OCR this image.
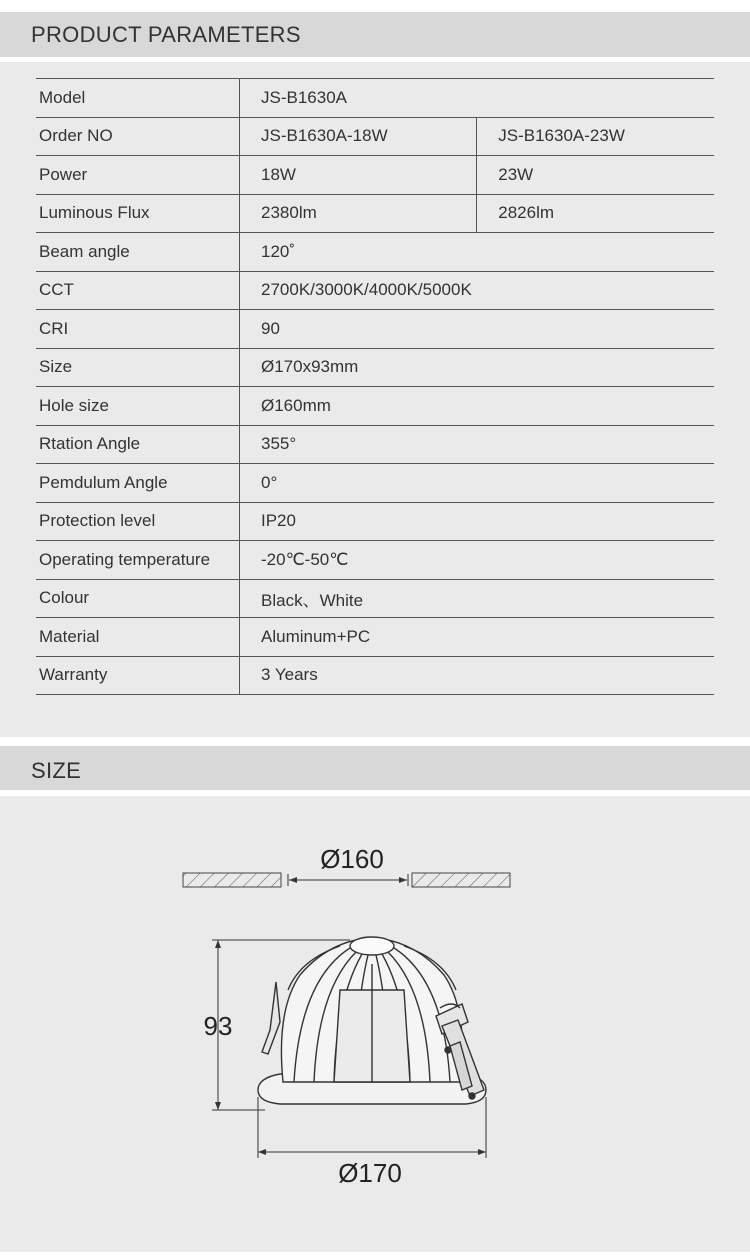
PRODUCT PARAMETERS
Model	JS-B1630A	
Order NO	JS-B1630A-18W	JS-B1630A-23W
Power	18W	23W
Luminous Flux	2380lm	2826lm
Beam angle	120˚	
CCT	2700K/3000K/4000K/5000K	
CRI	90	
Size	Ø170x93mm	
Hole size	Ø160mm	
Rtation Angle	355°	
Pemdulum Angle	0°	
Protection level	IP20	
Operating temperature	-20℃-50℃	
Colour	Black、White	
Material	Aluminum+PC	
Warranty	3 Years	
SIZE
Ø160
93
Ø170
